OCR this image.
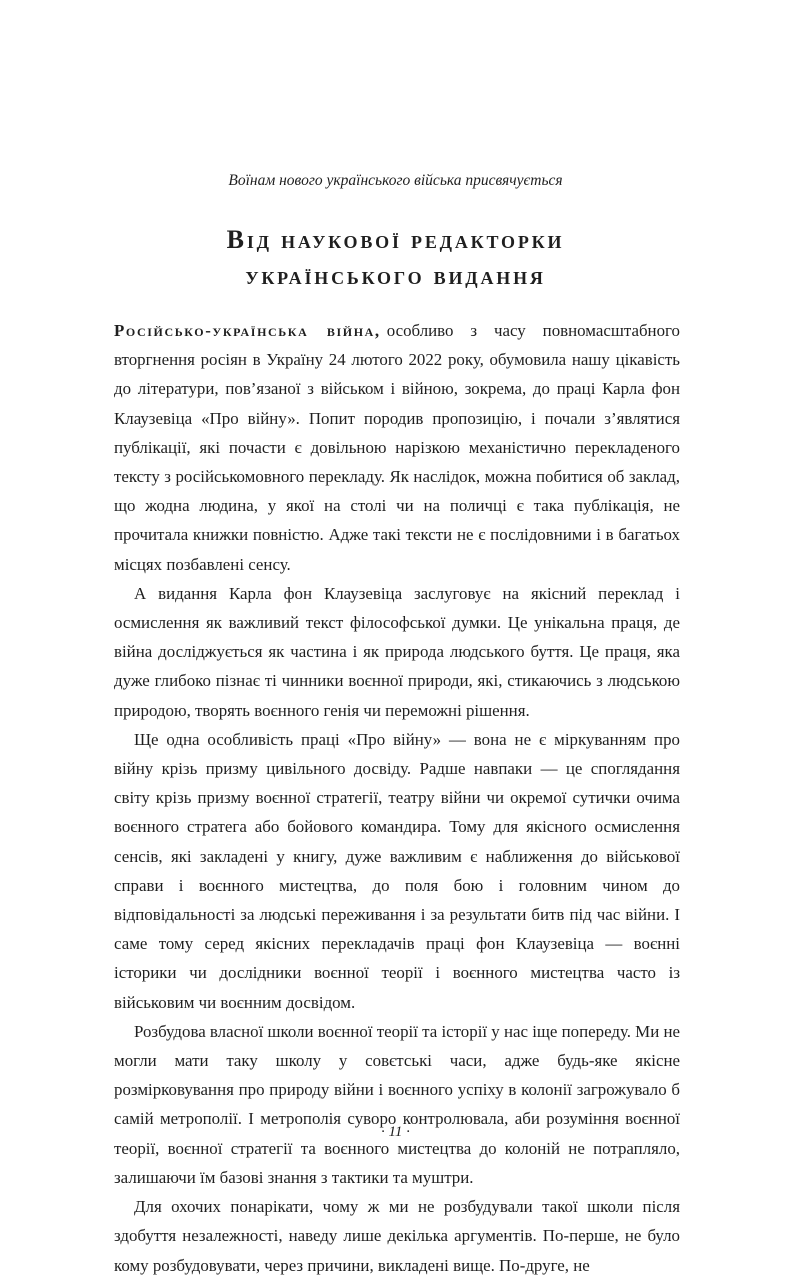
Воїнам нового українського війська присвячується
Від наукової редакторки
українського видання

Російсько-українська війна, особливо з часу повномасштабного вторгнення росіян в Україну 24 лютого 2022 року, обумовила нашу цікавість до літератури, пов’язаної з військом і війною, зокрема, до праці Карла фон Клаузевіца «Про війну». Попит породив пропозицію, і почали з’являтися публікації, які почасти є довільною нарізкою механістично перекладеного тексту з російськомовного перекладу. Як наслідок, можна побитися об заклад, що жодна людина, у якої на столі чи на поличці є така публікація, не прочитала книжки повністю. Адже такі тексти не є послідовними і в багатьох місцях позбавлені сенсу.

А видання Карла фон Клаузевіца заслуговує на якісний переклад і осмислення як важливий текст філософської думки. Це унікальна праця, де війна досліджується як частина і як природа людського буття. Це праця, яка дуже глибоко пізнає ті чинники воєнної природи, які, стикаючись з людською природою, творять воєнного генія чи переможні рішення.

Ще одна особливість праці «Про війну» — вона не є міркуванням про війну крізь призму цивільного досвіду. Радше навпаки — це споглядання світу крізь призму воєнної стратегії, театру війни чи окремої сутички очима воєнного стратега або бойового командира. Тому для якісного осмислення сенсів, які закладені у книгу, дуже важливим є наближення до військової справи і воєнного мистецтва, до поля бою і головним чином до відповідальності за людські переживання і за результати битв під час війни. І саме тому серед якісних перекладачів праці фон Клаузевіца — воєнні історики чи дослідники воєнної теорії і воєнного мистецтва часто із військовим чи воєнним досвідом.

Розбудова власної школи воєнної теорії та історії у нас іще попереду. Ми не могли мати таку школу у совєтські часи, адже будь-яке якісне розмірковування про природу війни і воєнного успіху в колонії загрожувало б самій метрополії. І метрополія суворо контролювала, аби розуміння воєнної теорії, воєнної стратегії та воєнного мистецтва до колоній не потрапляло, залишаючи їм базові знання з тактики та муштри.

Для охочих понарікати, чому ж ми не розбудували такої школи після здобуття незалежності, наведу лише декілька аргументів. По-перше, не було кому розбудовувати, через причини, викладені вище. По-друге, не

· 11 ·
